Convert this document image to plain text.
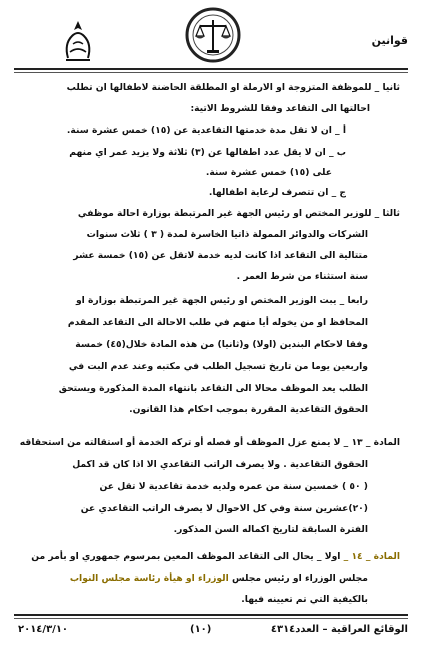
قوانين
ثانيا _ للموظفة المتزوجة او الارملة او المطلقة الحاضنة لاطفالها ان تطلب
احالتها الى التقاعد وفقا للشروط الاتية:
أ _ ان لا تقل مدة خدمتها التقاعدية عن (١٥) خمس عشرة سنة.
ب _ ان لا يقل عدد اطفالها عن (٣) ثلاثة ولا يزيد عمر اي منهم
على (١٥) خمس عشرة سنة.
ج _ ان تتصرف لرعاية اطفالها.
ثالثا _ للوزير المختص او رئيس الجهة غير المرتبطة بوزارة احالة موظفي
الشركات والدوائر الممولة ذاتيا الخاسرة لمدة ( ٣ ) ثلاث سنوات
متتالية الى التقاعد اذا كانت لديه خدمة لاتقل عن (١٥) خمسة عشر
سنة استثناء من شرط العمر .
رابعا _ يبت الوزير المختص او رئيس الجهة غير المرتبطة بوزارة او
المحافظ او من يخوله أيا منهم في طلب الاحالة الى التقاعد المقدم
وفقا لاحكام البندين (اولا) و(ثانيا) من هذه المادة خلال(٤٥) خمسة
واربعين يوما من تاريخ تسجيل الطلب في مكتبه وعند عدم البت في
الطلب يعد الموظف محالا الى التقاعد بانتهاء المدة المذكورة ويستحق
الحقوق التقاعدية المقررة بموجب احكام هذا القانون.
المادة _ ١٣ _ لا يمنع عزل الموظف أو فصله أو تركه الخدمة أو استقالته من استحقاقه
الحقوق التقاعدية . ولا يصرف الراتب التقاعدي الا اذا كان قد اكمل
( ٥٠ ) خمسين سنة من عمره ولديه خدمة تقاعدية لا تقل عن
(٢٠)عشرين سنة وفي كل الاحوال لا يصرف الراتب التقاعدي عن
الفترة السابقة لتاريخ اكماله السن المذكور.
المادة _ ١٤ _ اولا _ يحال الى التقاعد الموظف المعين بمرسوم جمهوري او بأمر من
مجلس الوزراء او رئيس مجلس الوزراء او هيأة رئاسة مجلس النواب
بالكيفية التي تم تعيينه فيها.
الوقائع العراقية – العدد٤٣١٤
(١٠)
٢٠١٤/٣/١٠
